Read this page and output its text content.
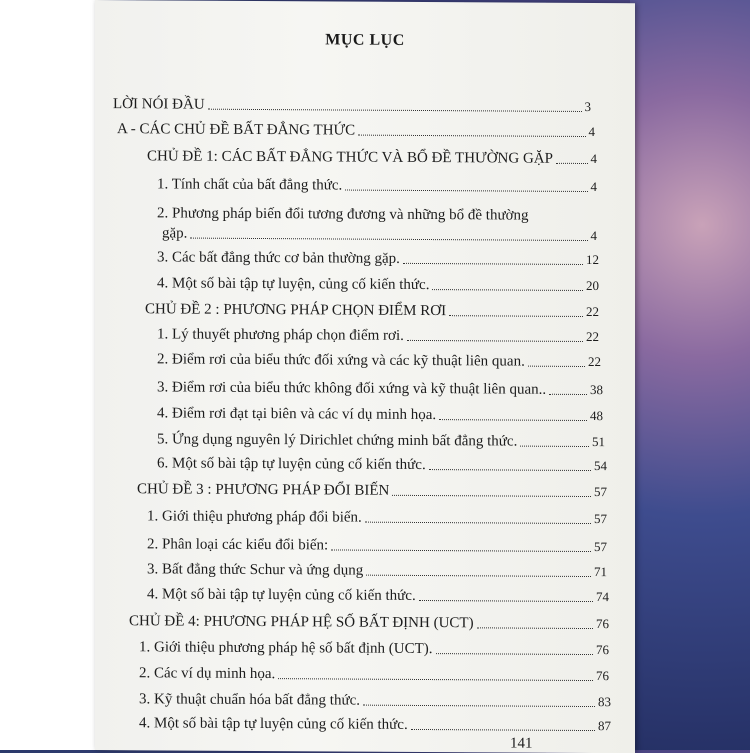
MỤC LỤC
LỜI NÓI ĐẦU	3
A - CÁC CHỦ ĐỀ BẤT ĐẲNG THỨC	4
CHỦ ĐỀ 1: CÁC BẤT ĐẲNG THỨC VÀ BỔ ĐỀ THƯỜNG GẶP	4
1. Tính chất của bất đẳng thức.	4
2. Phương pháp biến đổi tương đương và những bổ đề thường
gặp.	4
3. Các bất đẳng thức cơ bản thường gặp.	12
4. Một số bài tập tự luyện, củng cố kiến thức.	20
CHỦ ĐỀ 2 : PHƯƠNG PHÁP CHỌN ĐIỂM RƠI	22
1. Lý thuyết phương pháp chọn điểm rơi.	22
2. Điểm rơi của biểu thức đối xứng và các kỹ thuật liên quan.	22
3. Điểm rơi của biểu thức không đối xứng và kỹ thuật liên quan..	38
4. Điểm rơi đạt tại biên và các ví dụ minh họa.	48
5. Ứng dụng nguyên lý Dirichlet chứng minh bất đẳng thức.	51
6. Một số bài tập tự luyện củng cố kiến thức.	54
CHỦ ĐỀ 3 : PHƯƠNG PHÁP ĐỔI BIẾN	57
1. Giới thiệu phương pháp đổi biến.	57
2. Phân loại các kiểu đổi biến:	57
3. Bất đẳng thức Schur và ứng dụng	71
4. Một số bài tập tự luyện củng cố kiến thức.	74
CHỦ ĐỀ 4: PHƯƠNG PHÁP HỆ SỐ BẤT ĐỊNH (UCT)	76
1. Giới thiệu phương pháp hệ số bất định (UCT).	76
2. Các ví dụ minh họa.	76
3. Kỹ thuật chuẩn hóa bất đẳng thức.	83
4. Một số bài tập tự luyện củng cố kiến thức.	87
141
